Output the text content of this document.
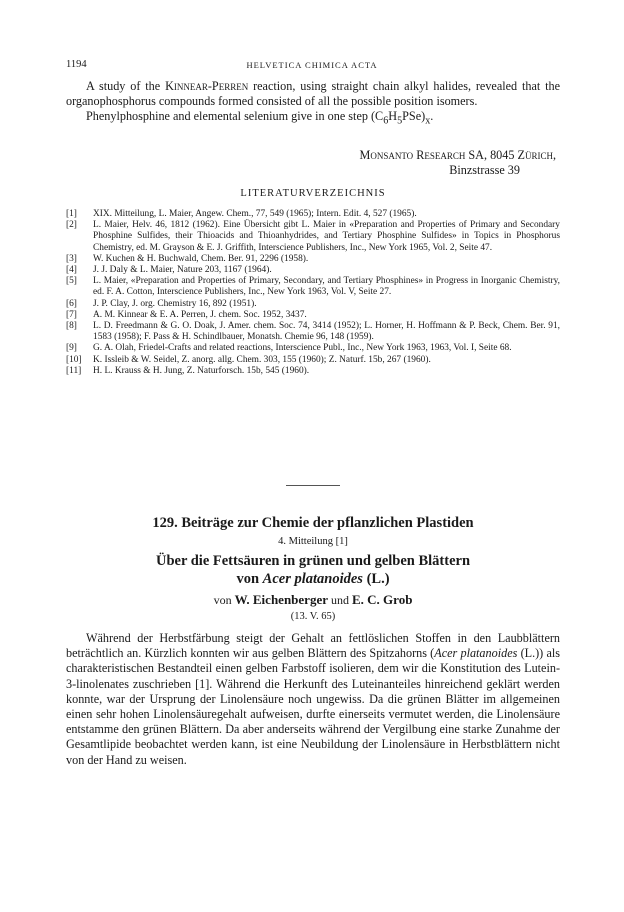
1194	HELVETICA CHIMICA ACTA

A study of the Kinnear-Perren reaction, using straight chain alkyl halides, revealed that the organophosphorus compounds formed consisted of all the possible position isomers.

Phenylphosphine and elemental selenium give in one step $(C_6H_5PSe)_x$.

Monsanto Research SA, 8045 Zürich,
Binzstrasse 39
LITERATURVERZEICHNIS
[1]	XIX. Mitteilung, L. Maier, Angew. Chem., 77, 549 (1965); Intern. Edit. 4, 527 (1965).
[2]	L. Maier, Helv. 46, 1812 (1962). Eine Übersicht gibt L. Maier in «Preparation and Properties of Primary and Secondary Phosphine Sulfides, their Thioacids and Thioanhydrides, and Tertiary Phosphine Sulfides» in Topics in Phosphorus Chemistry, ed. M. Grayson & E. J. Griffith, Interscience Publishers, Inc., New York 1965, Vol. 2, Seite 47.
[3]	W. Kuchen & H. Buchwald, Chem. Ber. 91, 2296 (1958).
[4]	J. J. Daly & L. Maier, Nature 203, 1167 (1964).
[5]	L. Maier, «Preparation and Properties of Primary, Secondary, and Tertiary Phosphines» in Progress in Inorganic Chemistry, ed. F. A. Cotton, Interscience Publishers, Inc., New York 1963, Vol. V, Seite 27.
[6]	J. P. Clay, J. org. Chemistry 16, 892 (1951).
[7]	A. M. Kinnear & E. A. Perren, J. chem. Soc. 1952, 3437.
[8]	L. D. Freedmann & G. O. Doak, J. Amer. chem. Soc. 74, 3414 (1952); L. Horner, H. Hoffmann & P. Beck, Chem. Ber. 91, 1583 (1958); F. Pass & H. Schindlbauer, Monatsh. Chemie 96, 148 (1959).
[9]	G. A. Olah, Friedel-Crafts and related reactions, Interscience Publ., Inc., New York 1963, 1963, Vol. I, Seite 68.
[10]	K. Issleib & W. Seidel, Z. anorg. allg. Chem. 303, 155 (1960); Z. Naturf. 15b, 267 (1960).
[11]	H. L. Krauss & H. Jung, Z. Naturforsch. 15b, 545 (1960).
129. Beiträge zur Chemie der pflanzlichen Plastiden
4. Mitteilung [1]
Über die Fettsäuren in grünen und gelben Blättern
von Acer platanoides (L.)
von W. Eichenberger und E. C. Grob
(13. V. 65)

Während der Herbstfärbung steigt der Gehalt an fettlöslichen Stoffen in den Laubblättern beträchtlich an. Kürzlich konnten wir aus gelben Blättern des Spitzahorns (Acer platanoides (L.)) als charakteristischen Bestandteil einen gelben Farbstoff isolieren, dem wir die Konstitution des Lutein-3-linolenates zuschrieben [1]. Während die Herkunft des Luteinanteiles hinreichend geklärt werden konnte, war der Ursprung der Linolensäure noch ungewiss. Da die grünen Blätter im allgemeinen einen sehr hohen Linolensäuregehalt aufweisen, durfte einerseits vermutet werden, die Linolensäure entstamme den grünen Blättern. Da aber anderseits während der Vergilbung eine starke Zunahme der Gesamtlipide beobachtet werden kann, ist eine Neubildung der Linolensäure in Herbstblättern nicht von der Hand zu weisen.
